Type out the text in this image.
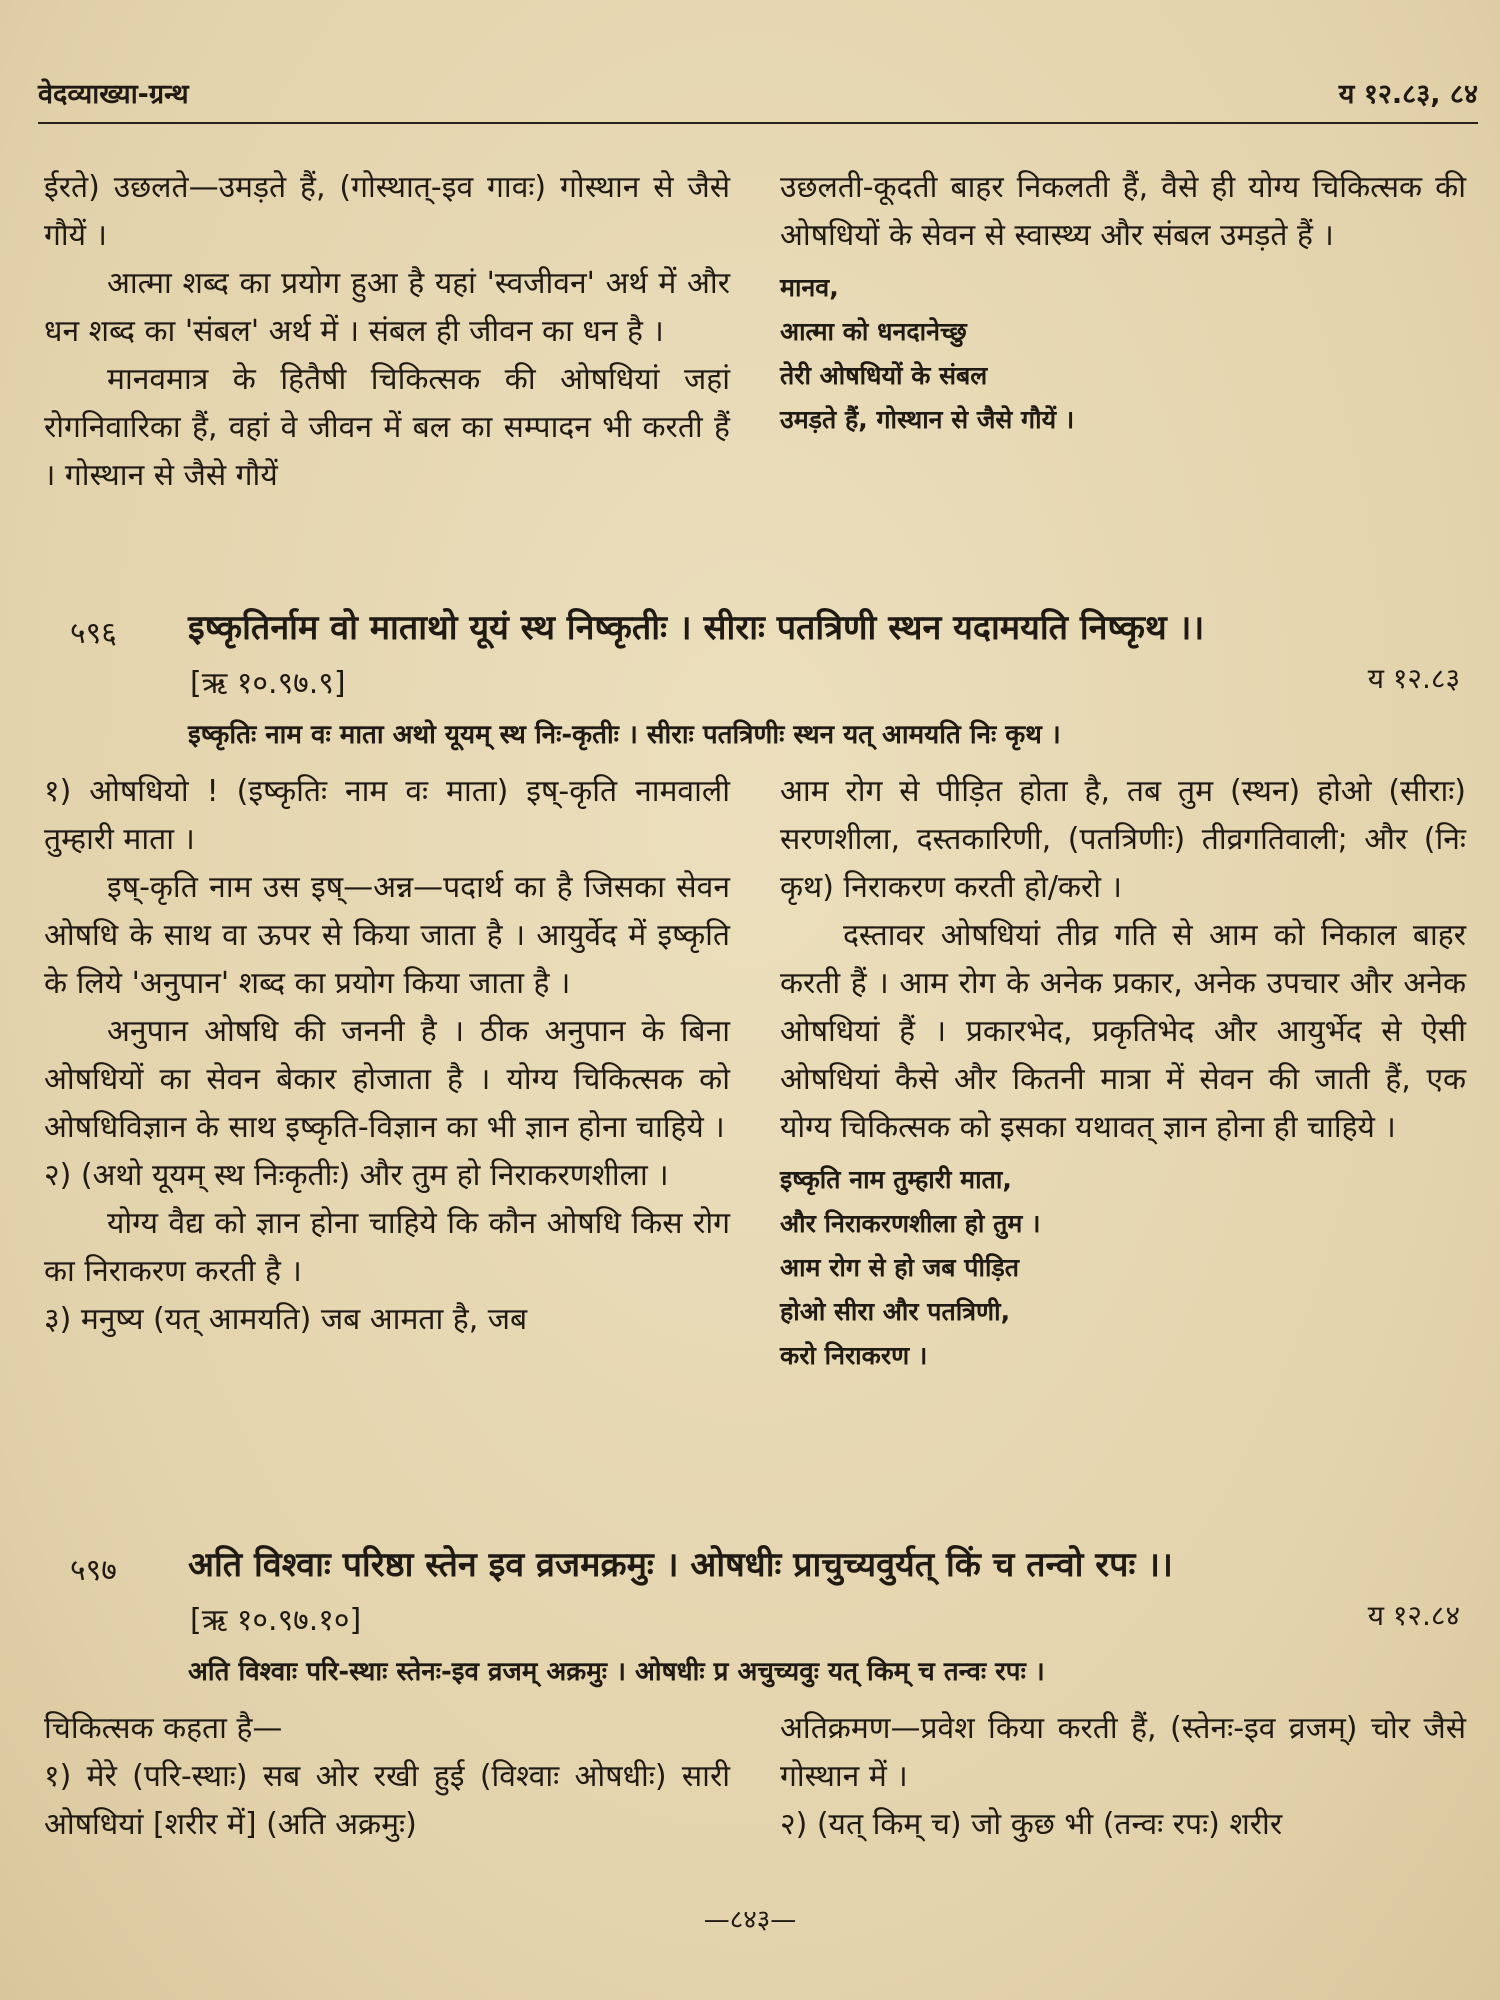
वेदव्याख्या-ग्रन्थ	य १२.८३, ८४

ईरते) उछलते—उमड़ते हैं, (गोस्थात्-इव गावः) गोस्थान से जैसे गौयें ।

आत्मा शब्द का प्रयोग हुआ है यहां 'स्वजीवन' अर्थ में और धन शब्द का 'संबल' अर्थ में । संबल ही जीवन का धन है ।

मानवमात्र के हितैषी चिकित्सक की ओषधियां जहां रोगनिवारिका हैं, वहां वे जीवन में बल का सम्पादन भी करती हैं । गोस्थान से जैसे गौयें

उछलती-कूदती बाहर निकलती हैं, वैसे ही योग्य चिकित्सक की ओषधियों के सेवन से स्वास्थ्य और संबल उमड़ते हैं ।

मानव,
आत्मा को धनदानेच्छु
तेरी ओषधियों के संबल
उमड़ते हैं, गोस्थान से जैसे गौयें ।
५९६ इष्कृतिर्नाम वो माताथो यूयं स्थ निष्कृतीः । सीराः पतत्रिणी स्थन यदामयति निष्कृथ ।।
[ऋ १०.९७.९]	य १२.८३
इष्कृतिः नाम वः माता अथो यूयम् स्थ निः-कृतीः । सीराः पतत्रिणीः स्थन यत् आमयति निः कृथ ।

१) ओषधियो ! (इष्कृतिः नाम वः माता) इष्-कृति नामवाली तुम्हारी माता ।

इष्-कृति नाम उस इष्—अन्न—पदार्थ का है जिसका सेवन ओषधि के साथ वा ऊपर से किया जाता है । आयुर्वेद में इष्कृति के लिये 'अनुपान' शब्द का प्रयोग किया जाता है ।

अनुपान ओषधि की जननी है । ठीक अनुपान के बिना ओषधियों का सेवन बेकार होजाता है । योग्य चिकित्सक को ओषधिविज्ञान के साथ इष्कृति-विज्ञान का भी ज्ञान होना चाहिये ।

२) (अथो यूयम् स्थ निःकृतीः) और तुम हो निराकरणशीला ।

योग्य वैद्य को ज्ञान होना चाहिये कि कौन ओषधि किस रोग का निराकरण करती है ।

३) मनुष्य (यत् आमयति) जब आमता है, जब

आम रोग से पीड़ित होता है, तब तुम (स्थन) होओ (सीराः) सरणशीला, दस्तकारिणी, (पतत्रिणीः) तीव्रगतिवाली; और (निः कृथ) निराकरण करती हो/करो ।

दस्तावर ओषधियां तीव्र गति से आम को निकाल बाहर करती हैं । आम रोग के अनेक प्रकार, अनेक उपचार और अनेक ओषधियां हैं । प्रकारभेद, प्रकृतिभेद और आयुर्भेद से ऐसी ओषधियां कैसे और कितनी मात्रा में सेवन की जाती हैं, एक योग्य चिकित्सक को इसका यथावत् ज्ञान होना ही चाहिये ।

इष्कृति नाम तुम्हारी माता,
और निराकरणशीला हो तुम ।
आम रोग से हो जब पीड़ित
होओ सीरा और पतत्रिणी,
करो निराकरण ।
५९७ अति विश्वाः परिष्ठा स्तेन इव व्रजमक्रमुः । ओषधीः प्राचुच्यवुर्यत् किं च तन्वो रपः ।।
[ऋ १०.९७.१०]	य १२.८४
अति विश्वाः परि-स्थाः स्तेनः-इव व्रजम् अक्रमुः । ओषधीः प्र अचुच्यवुः यत् किम् च तन्वः रपः ।

चिकित्सक कहता है—

१) मेरे (परि-स्थाः) सब ओर रखी हुई (विश्वाः ओषधीः) सारी ओषधियां [शरीर में] (अति अक्रमुः)

अतिक्रमण—प्रवेश किया करती हैं, (स्तेनः-इव व्रजम्) चोर जैसे गोस्थान में ।

२) (यत् किम् च) जो कुछ भी (तन्वः रपः) शरीर

—८४३—
